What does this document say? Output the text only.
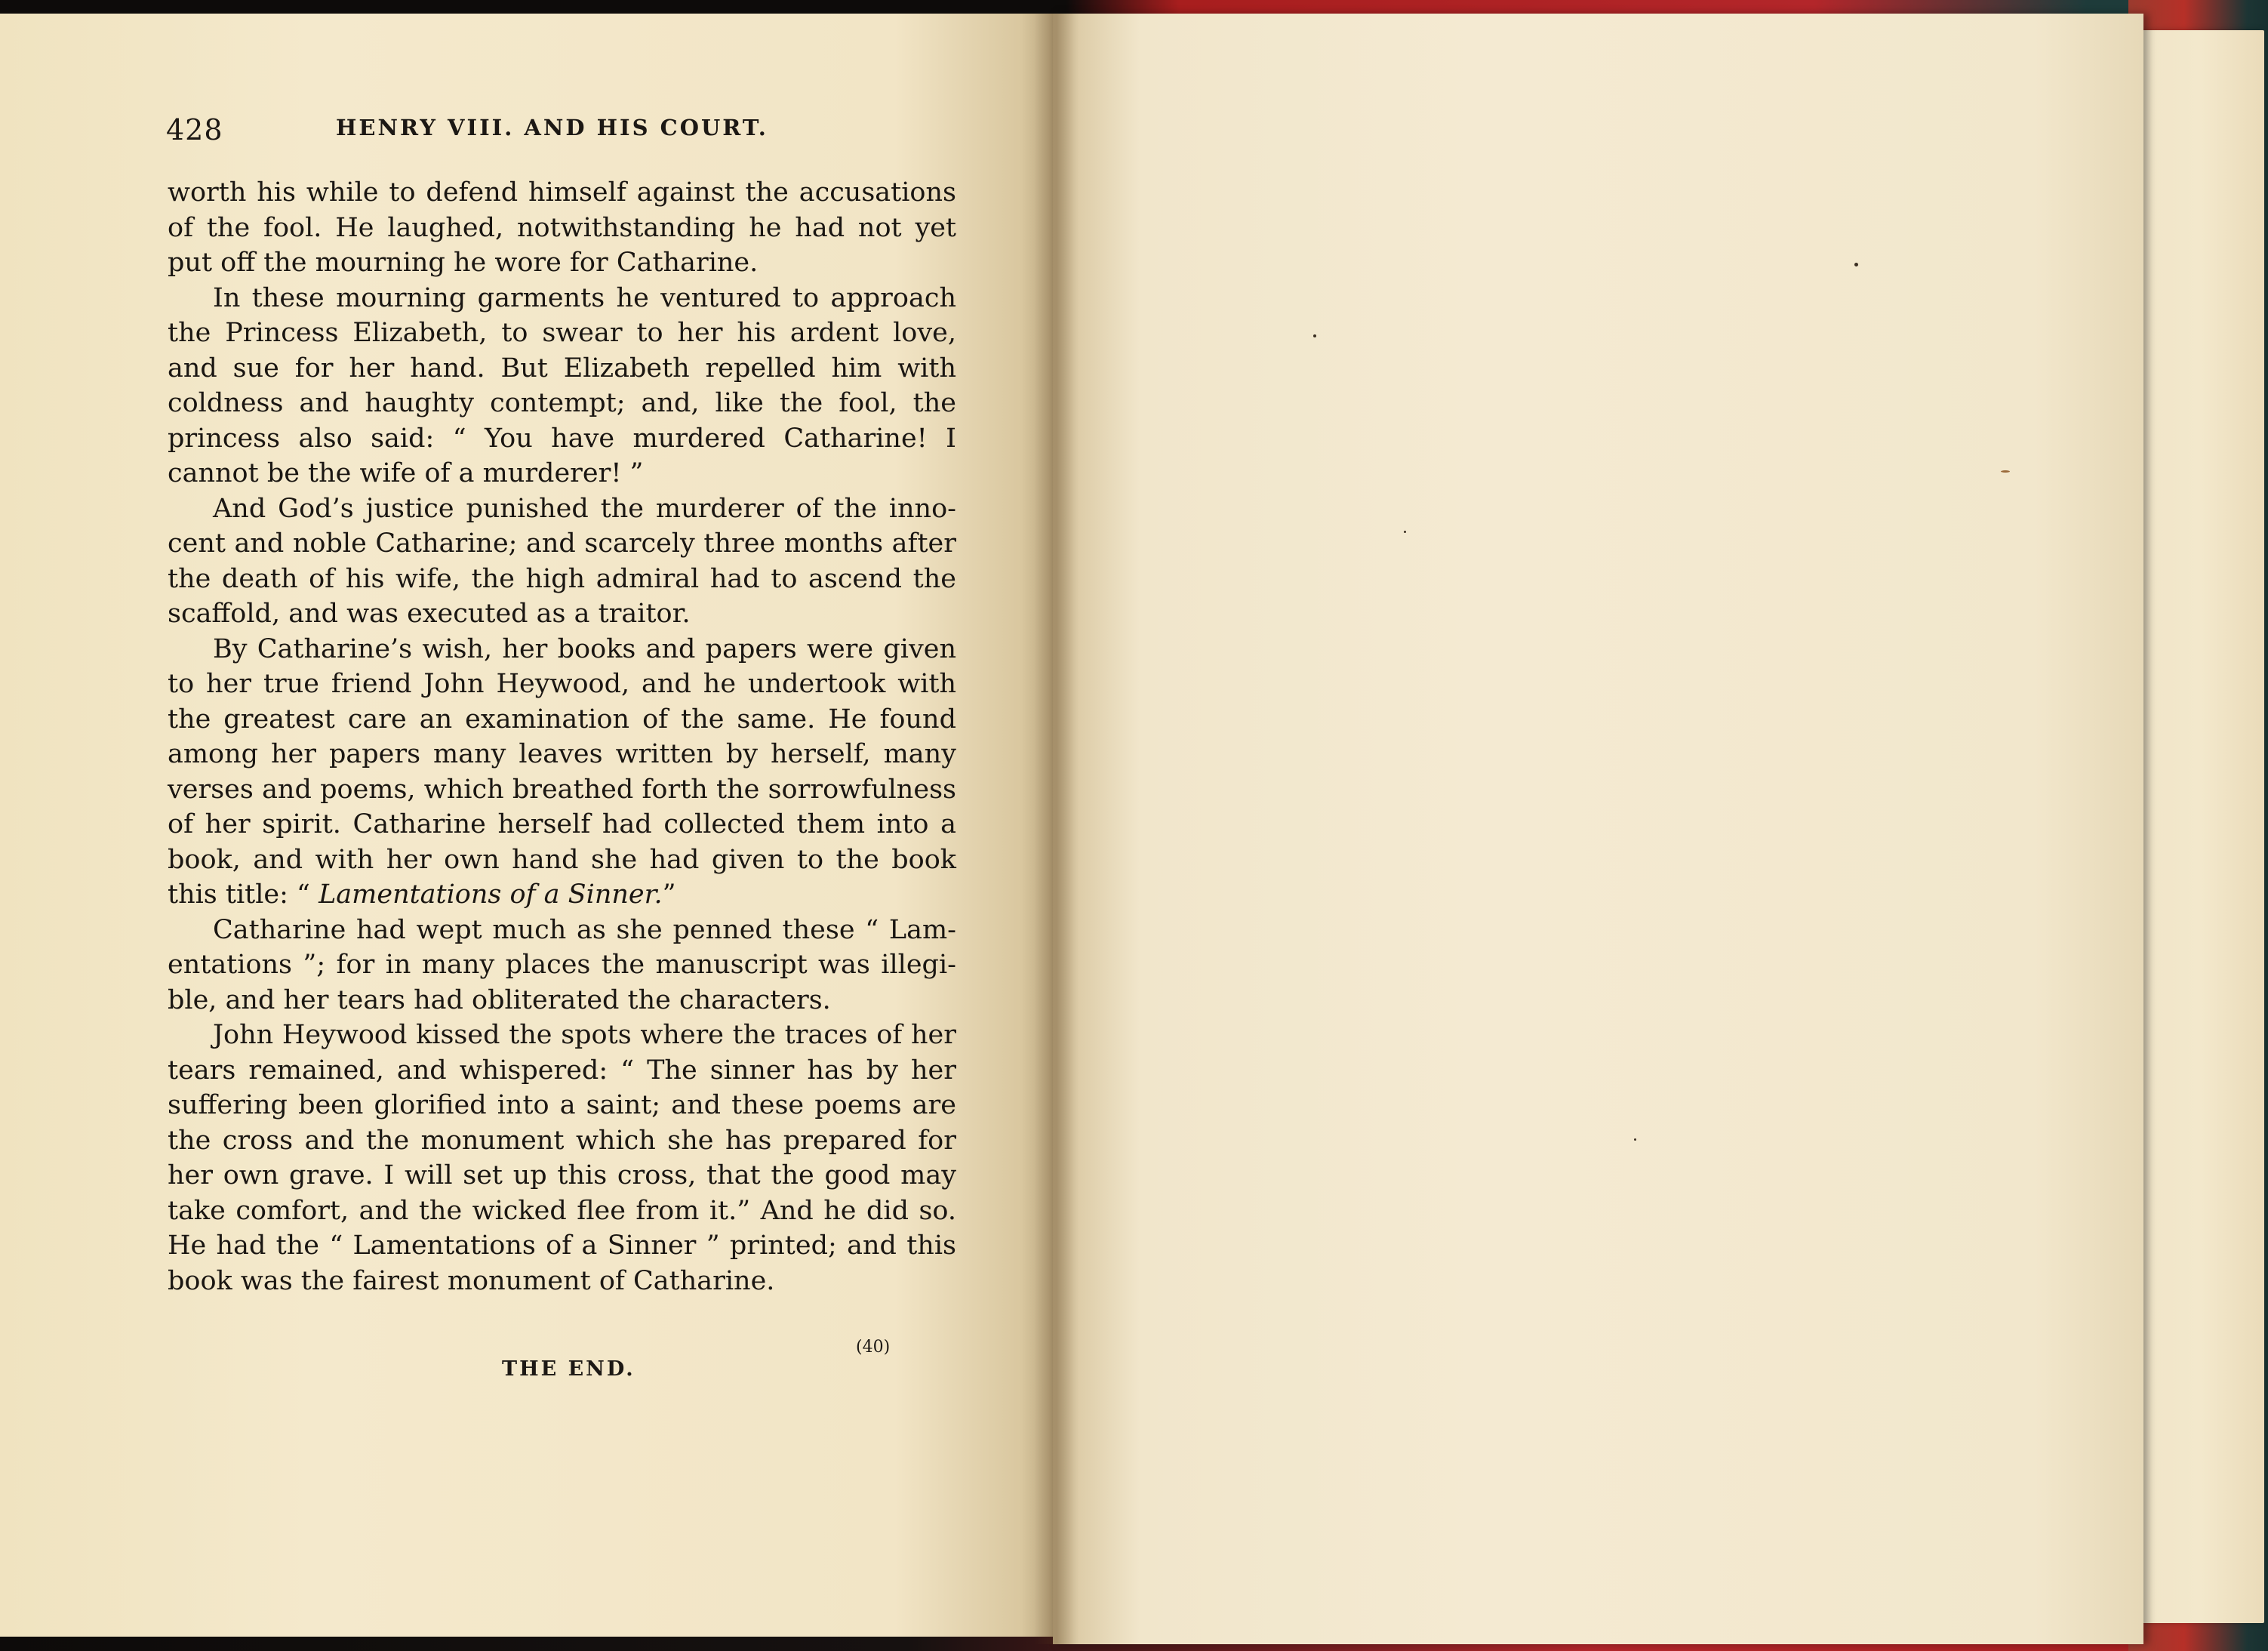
428	HENRY VIII. AND HIS COURT.

worth his while to defend himself against the accusations of the fool. He laughed, notwithstanding he had not yet put off the mourning he wore for Catharine.

In these mourning garments he ventured to approach the Princess Elizabeth, to swear to her his ardent love, and sue for her hand. But Elizabeth repelled him with coldness and haughty contempt; and, like the fool, the princess also said: “ You have murdered Catharine! I cannot be the wife of a murderer! ”

And God’s justice punished the murderer of the innocent and noble Catharine; and scarcely three months after the death of his wife, the high admiral had to ascend the scaffold, and was executed as a traitor.

By Catharine’s wish, her books and papers were given to her true friend John Heywood, and he undertook with the greatest care an examination of the same. He found among her papers many leaves written by herself, many verses and poems, which breathed forth the sorrowfulness of her spirit. Catharine herself had collected them into a book, and with her own hand she had given to the book this title: “ Lamentations of a Sinner.”

Catharine had wept much as she penned these “ Lamentations ”; for in many places the manuscript was illegible, and her tears had obliterated the characters.

John Heywood kissed the spots where the traces of her tears remained, and whispered: “ The sinner has by her suffering been glorified into a saint; and these poems are the cross and the monument which she has prepared for her own grave. I will set up this cross, that the good may take comfort, and the wicked flee from it.” And he did so. He had the “ Lamentations of a Sinner ” printed; and this book was the fairest monument of Catharine.

(40)
THE END.
